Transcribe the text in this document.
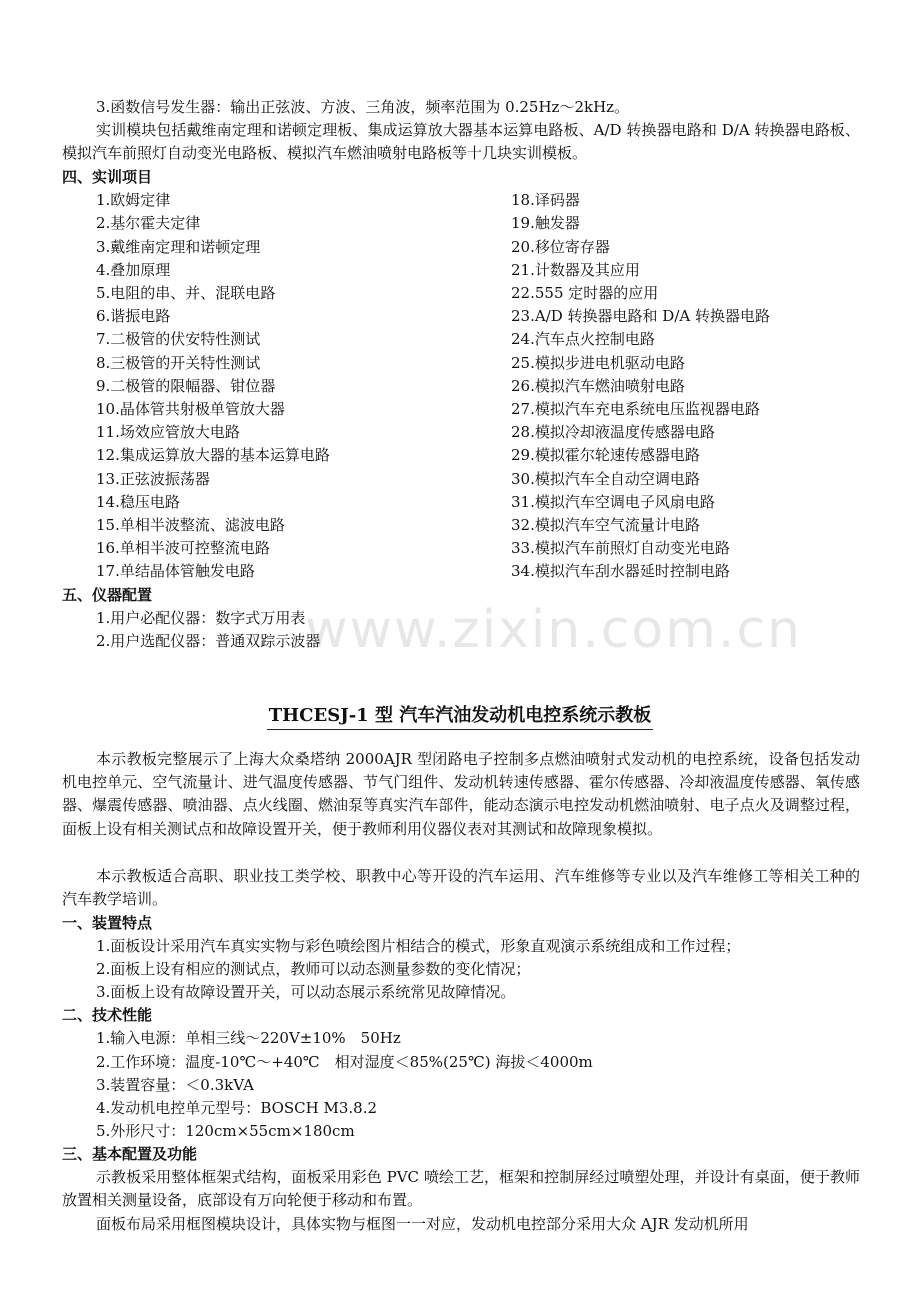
3.函数信号发生器：输出正弦波、方波、三角波，频率范围为 0.25Hz～2kHz。

实训模块包括戴维南定理和诺顿定理板、集成运算放大器基本运算电路板、A/D 转换器电路和 D/A 转换器电路板、模拟汽车前照灯自动变光电路板、模拟汽车燃油喷射电路板等十几块实训模板。

四、实训项目

1.欧姆定律

2.基尔霍夫定律

3.戴维南定理和诺顿定理

4.叠加原理

5.电阻的串、并、混联电路

6.谐振电路

7.二极管的伏安特性测试

8.三极管的开关特性测试

9.二极管的限幅器、钳位器

10.晶体管共射极单管放大器

11.场效应管放大电路

12.集成运算放大器的基本运算电路

13.正弦波振荡器

14.稳压电路

15.单相半波整流、滤波电路

16.单相半波可控整流电路

17.单结晶体管触发电路

18.译码器

19.触发器

20.移位寄存器

21.计数器及其应用

22.555 定时器的应用

23.A/D 转换器电路和 D/A 转换器电路

24.汽车点火控制电路

25.模拟步进电机驱动电路

26.模拟汽车燃油喷射电路

27.模拟汽车充电系统电压监视器电路

28.模拟冷却液温度传感器电路

29.模拟霍尔轮速传感器电路

30.模拟汽车全自动空调电路

31.模拟汽车空调电子风扇电路

32.模拟汽车空气流量计电路

33.模拟汽车前照灯自动变光电路

34.模拟汽车刮水器延时控制电路

五、仪器配置

1.用户必配仪器：数字式万用表

2.用户选配仪器：普通双踪示波器

www.zixin.com.cn
THCESJ-1 型 汽车汽油发动机电控系统示教板

本示教板完整展示了上海大众桑塔纳 2000AJR 型闭路电子控制多点燃油喷射式发动机的电控系统，设备包括发动机电控单元、空气流量计、进气温度传感器、节气门组件、发动机转速传感器、霍尔传感器、冷却液温度传感器、氧传感器、爆震传感器、喷油器、点火线圈、燃油泵等真实汽车部件，能动态演示电控发动机燃油喷射、电子点火及调整过程，面板上设有相关测试点和故障设置开关，便于教师利用仪器仪表对其测试和故障现象模拟。

本示教板适合高职、职业技工类学校、职教中心等开设的汽车运用、汽车维修等专业以及汽车维修工等相关工种的汽车教学培训。

一、装置特点

1.面板设计采用汽车真实实物与彩色喷绘图片相结合的模式，形象直观演示系统组成和工作过程；

2.面板上设有相应的测试点，教师可以动态测量参数的变化情况；

3.面板上设有故障设置开关，可以动态展示系统常见故障情况。

二、技术性能

1.输入电源：单相三线～220V±10%　50Hz

2.工作环境：温度-10℃～+40℃　相对湿度＜85%(25℃) 海拔＜4000m

3.装置容量：＜0.3kVA

4.发动机电控单元型号：BOSCH M3.8.2

5.外形尺寸：120cm×55cm×180cm

三、基本配置及功能

示教板采用整体框架式结构，面板采用彩色 PVC 喷绘工艺，框架和控制屏经过喷塑处理，并设计有桌面，便于教师放置相关测量设备，底部设有万向轮便于移动和布置。

面板布局采用框图模块设计，具体实物与框图一一对应，发动机电控部分采用大众 AJR 发动机所用
